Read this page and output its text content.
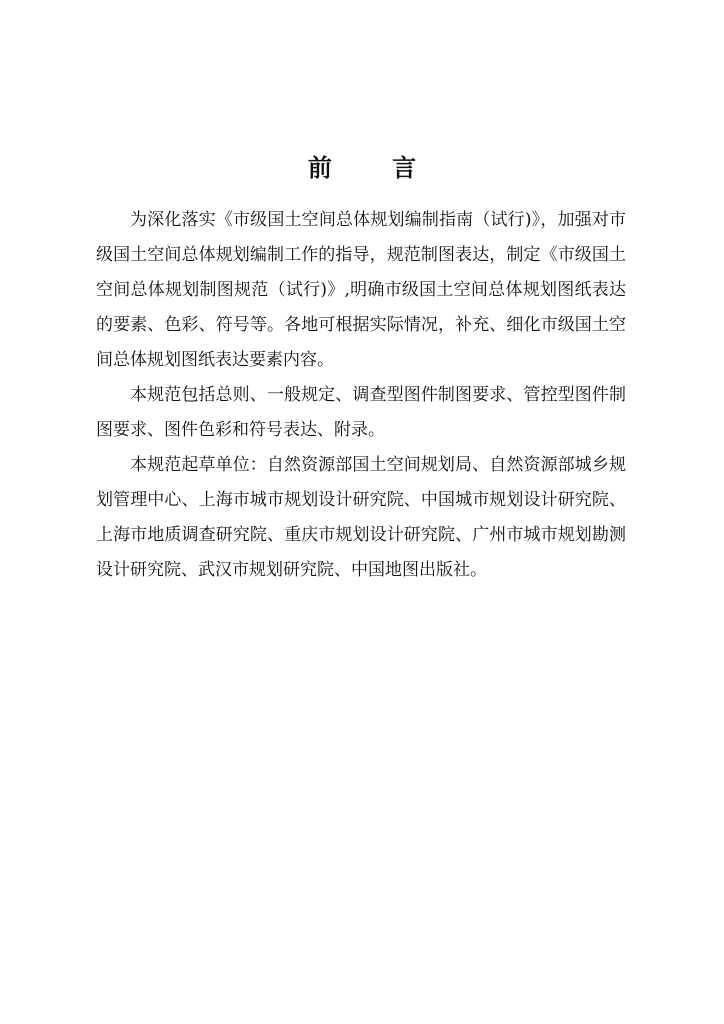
前 言

为深化落实《市级国土空间总体规划编制指南（试行)》，加强对市级国土空间总体规划编制工作的指导，规范制图表达，制定《市级国土空间总体规划制图规范（试行)》,明确市级国土空间总体规划图纸表达的要素、色彩、符号等。各地可根据实际情况，补充、细化市级国土空间总体规划图纸表达要素内容。

本规范包括总则、一般规定、调查型图件制图要求、管控型图件制图要求、图件色彩和符号表达、附录。

本规范起草单位：自然资源部国土空间规划局、自然资源部城乡规划管理中心、上海市城市规划设计研究院、中国城市规划设计研究院、上海市地质调查研究院、重庆市规划设计研究院、广州市城市规划勘测设计研究院、武汉市规划研究院、中国地图出版社。
